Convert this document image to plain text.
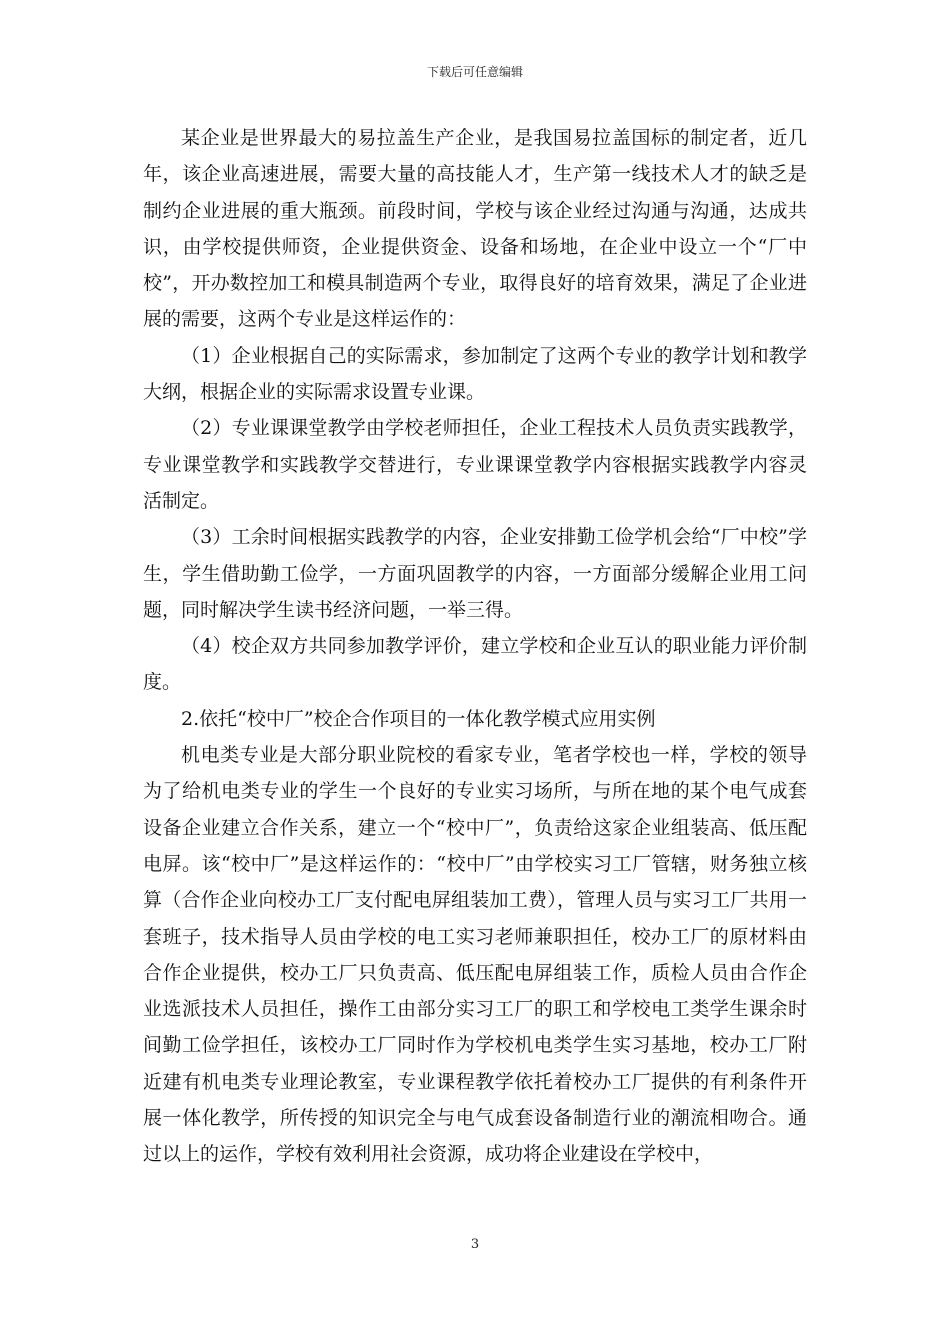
下载后可任意编辑

某企业是世界最大的易拉盖生产企业，是我国易拉盖国标的制定者，近几年，该企业高速进展，需要大量的高技能人才，生产第一线技术人才的缺乏是制约企业进展的重大瓶颈。前段时间，学校与该企业经过沟通与沟通，达成共识，由学校提供师资，企业提供资金、设备和场地，在企业中设立一个“厂中校”，开办数控加工和模具制造两个专业，取得良好的培育效果，满足了企业进展的需要，这两个专业是这样运作的：

（1）企业根据自己的实际需求，参加制定了这两个专业的教学计划和教学大纲，根据企业的实际需求设置专业课。

（2）专业课课堂教学由学校老师担任，企业工程技术人员负责实践教学，专业课堂教学和实践教学交替进行，专业课课堂教学内容根据实践教学内容灵活制定。

（3）工余时间根据实践教学的内容，企业安排勤工俭学机会给“厂中校”学生，学生借助勤工俭学，一方面巩固教学的内容，一方面部分缓解企业用工问题，同时解决学生读书经济问题，一举三得。

（4）校企双方共同参加教学评价，建立学校和企业互认的职业能力评价制度。

2.依托“校中厂”校企合作项目的一体化教学模式应用实例

机电类专业是大部分职业院校的看家专业，笔者学校也一样，学校的领导为了给机电类专业的学生一个良好的专业实习场所，与所在地的某个电气成套设备企业建立合作关系，建立一个“校中厂”，负责给这家企业组装高、低压配电屏。该“校中厂”是这样运作的：“校中厂”由学校实习工厂管辖，财务独立核算（合作企业向校办工厂支付配电屏组装加工费），管理人员与实习工厂共用一套班子，技术指导人员由学校的电工实习老师兼职担任，校办工厂的原材料由合作企业提供，校办工厂只负责高、低压配电屏组装工作，质检人员由合作企业选派技术人员担任，操作工由部分实习工厂的职工和学校电工类学生课余时间勤工俭学担任，该校办工厂同时作为学校机电类学生实习基地，校办工厂附近建有机电类专业理论教室，专业课程教学依托着校办工厂提供的有利条件开展一体化教学，所传授的知识完全与电气成套设备制造行业的潮流相吻合。通过以上的运作，学校有效利用社会资源，成功将企业建设在学校中，

3
